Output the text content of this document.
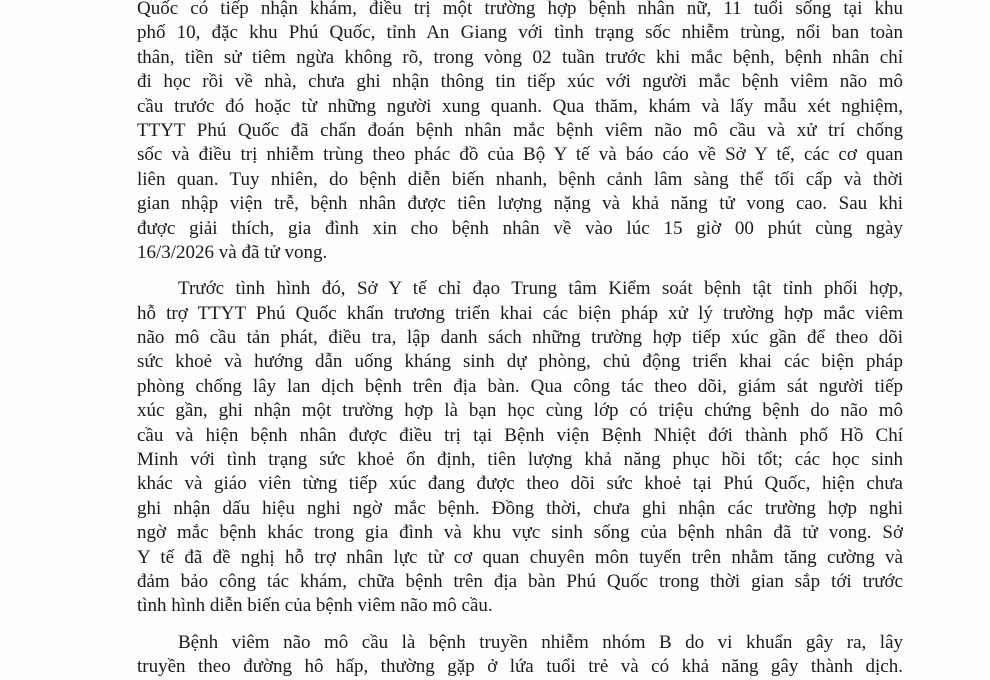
Quốc có tiếp nhận khám, điều trị một trường hợp bệnh nhân nữ, 11 tuổi sống tại khu
phố 10, đặc khu Phú Quốc, tỉnh An Giang với tình trạng sốc nhiễm trùng, nổi ban toàn
thân, tiền sử tiêm ngừa không rõ, trong vòng 02 tuần trước khi mắc bệnh, bệnh nhân chỉ
đi học rồi về nhà, chưa ghi nhận thông tin tiếp xúc với người mắc bệnh viêm não mô
cầu trước đó hoặc từ những người xung quanh. Qua thăm, khám và lấy mẫu xét nghiệm,
TTYT Phú Quốc đã chẩn đoán bệnh nhân mắc bệnh viêm não mô cầu và xử trí chống
sốc và điều trị nhiễm trùng theo phác đồ của Bộ Y tế và báo cáo về Sở Y tế, các cơ quan
liên quan. Tuy nhiên, do bệnh diễn biến nhanh, bệnh cảnh lâm sàng thể tối cấp và thời
gian nhập viện trễ, bệnh nhân được tiên lượng nặng và khả năng tử vong cao. Sau khi
được giải thích, gia đình xin cho bệnh nhân về vào lúc 15 giờ 00 phút cùng ngày
16/3/2026 và đã tử vong.
Trước tình hình đó, Sở Y tế chỉ đạo Trung tâm Kiểm soát bệnh tật tỉnh phối hợp,
hỗ trợ TTYT Phú Quốc khẩn trương triển khai các biện pháp xử lý trường hợp mắc viêm
não mô cầu tản phát, điều tra, lập danh sách những trường hợp tiếp xúc gần để theo dõi
sức khoẻ và hướng dẫn uống kháng sinh dự phòng, chủ động triển khai các biện pháp
phòng chống lây lan dịch bệnh trên địa bàn. Qua công tác theo dõi, giám sát người tiếp
xúc gần, ghi nhận một trường hợp là bạn học cùng lớp có triệu chứng bệnh do não mô
cầu và hiện bệnh nhân được điều trị tại Bệnh viện Bệnh Nhiệt đới thành phố Hồ Chí
Minh với tình trạng sức khoẻ ổn định, tiên lượng khả năng phục hồi tốt; các học sinh
khác và giáo viên từng tiếp xúc đang được theo dõi sức khoẻ tại Phú Quốc, hiện chưa
ghi nhận dấu hiệu nghi ngờ mắc bệnh. Đồng thời, chưa ghi nhận các trường hợp nghi
ngờ mắc bệnh khác trong gia đình và khu vực sinh sống của bệnh nhân đã tử vong. Sở
Y tế đã đề nghị hỗ trợ nhân lực từ cơ quan chuyên môn tuyến trên nhằm tăng cường và
đảm bảo công tác khám, chữa bệnh trên địa bàn Phú Quốc trong thời gian sắp tới trước
tình hình diễn biến của bệnh viêm não mô cầu.
Bệnh viêm não mô cầu là bệnh truyền nhiễm nhóm B do vi khuẩn gây ra, lây
truyền theo đường hô hấp, thường gặp ở lứa tuổi trẻ và có khả năng gây thành dịch.
